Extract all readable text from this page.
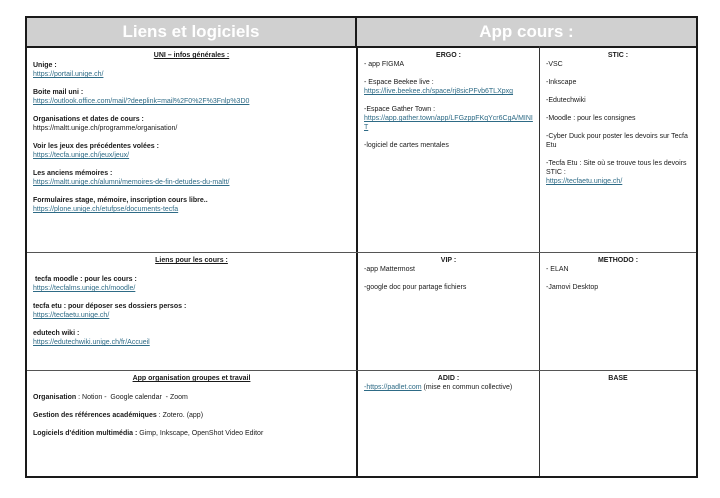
Liens et logiciels	App cours :
UNI – infos générales :
Unige :
https://portail.unige.ch/
Boite mail uni :
https://outlook.office.com/mail/?deeplink=mail%2F0%2F%3Fnlp%3D0
Organisations et dates de cours :
https://maltt.unige.ch/programme/organisation/
Voir les jeux des précédentes volées :
https://tecfa.unige.ch/jeux/jeux/
Les anciens mémoires :
https://maltt.unige.ch/alumni/memoires-de-fin-detudes-du-maltt/
Formulaires stage, mémoire, inscription cours libre..
https://plone.unige.ch/etufpse/documents-tecfa
Liens pour les cours :
tecfa moodle : pour les cours :
https://tecfalms.unige.ch/moodle/
tecfa etu : pour déposer ses dossiers persos :
https://tecfaetu.unige.ch/
edutech wiki :
https://edutechwiki.unige.ch/fr/Accueil
App organisation groupes et travail
Organisation : Notion -  Google calendar  - Zoom
Gestion des références académiques : Zotero. (app)
Logiciels d'édition multimédia : Gimp, Inkscape, OpenShot Video Editor
ERGO :
- app FIGMA
- Espace Beekee live :
https://live.beekee.ch/space/rj8sicPFvb6TLXpxg
-Espace Gather Town :
https://app.gather.town/app/LFGzppFKqYcr6CgA/MINIT
-logiciel de cartes mentales
STIC :
-VSC
-Inkscape
-Edutechwiki
-Moodle : pour les consignes
-Cyber Duck pour poster les devoirs sur Tecfa Etu
-Tecfa Etu : Site où se trouve tous les devoirs STIC :
https://tecfaetu.unige.ch/
VIP :
-app Mattermost
-google doc pour partage fichiers
METHODO :
- ELAN
-Jamovi Desktop
ADID :
-https://padlet.com (mise en commun collective)
BASE
